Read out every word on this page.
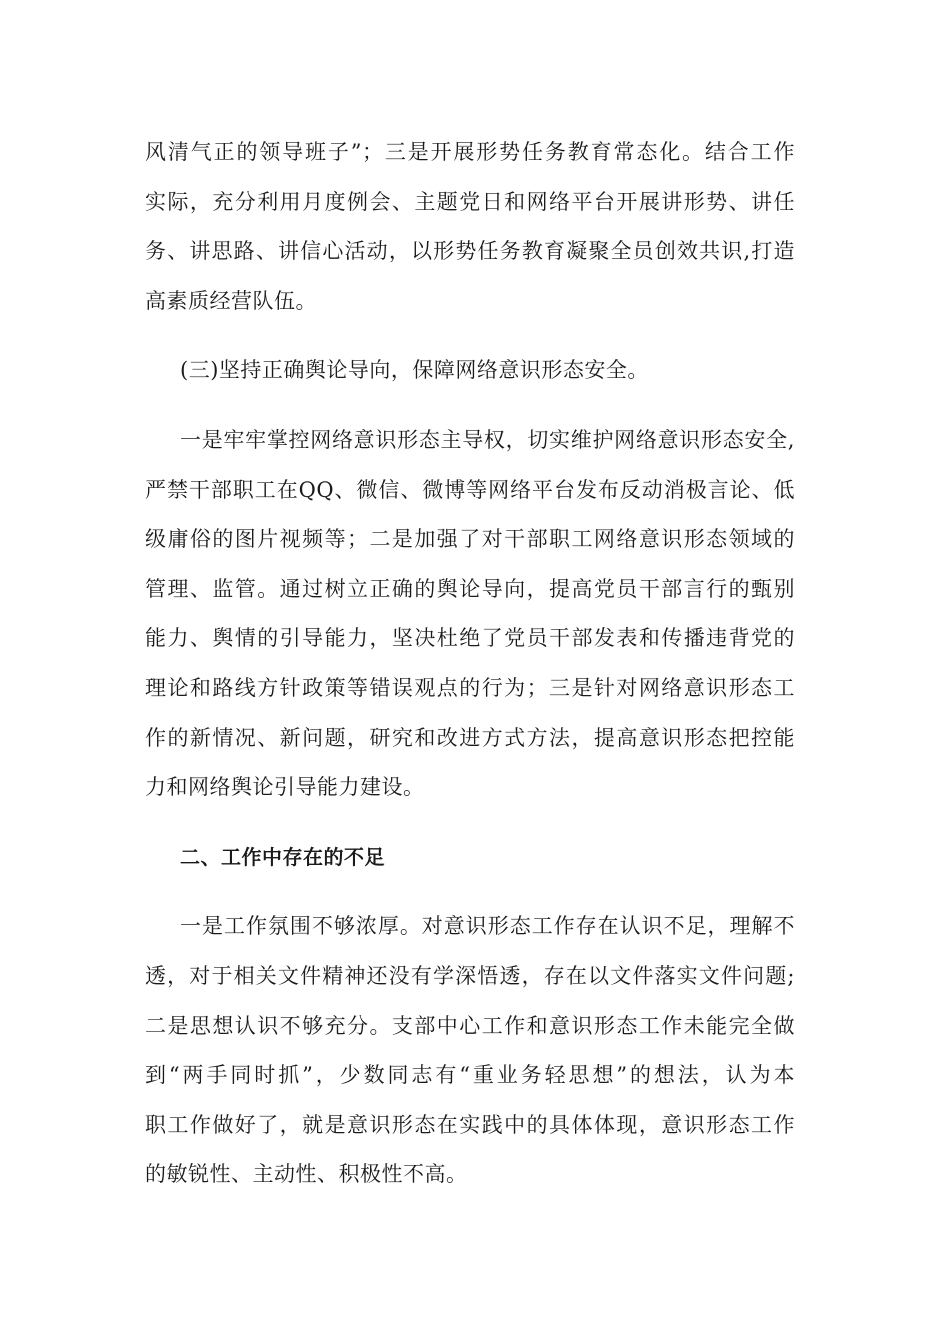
风清气正的领导班子”；三是开展形势任务教育常态化。结合工作
实际，充分利用月度例会、主题党日和网络平台开展讲形势、讲任
务、讲思路、讲信心活动，以形势任务教育凝聚全员创效共识,打造
高素质经营队伍。
(三)坚持正确舆论导向，保障网络意识形态安全。
一是牢牢掌控网络意识形态主导权，切实维护网络意识形态安全,
严禁干部职工在QQ、微信、微博等网络平台发布反动消极言论、低
级庸俗的图片视频等；二是加强了对干部职工网络意识形态领域的
管理、监管。通过树立正确的舆论导向，提高党员干部言行的甄别
能力、舆情的引导能力，坚决杜绝了党员干部发表和传播违背党的
理论和路线方针政策等错误观点的行为；三是针对网络意识形态工
作的新情况、新问题，研究和改进方式方法，提高意识形态把控能
力和网络舆论引导能力建设。
二、工作中存在的不足
一是工作氛围不够浓厚。对意识形态工作存在认识不足，理解不
透，对于相关文件精神还没有学深悟透，存在以文件落实文件问题;
二是思想认识不够充分。支部中心工作和意识形态工作未能完全做
到“两手同时抓”，少数同志有“重业务轻思想”的想法，认为本
职工作做好了，就是意识形态在实践中的具体体现，意识形态工作
的敏锐性、主动性、积极性不高。
